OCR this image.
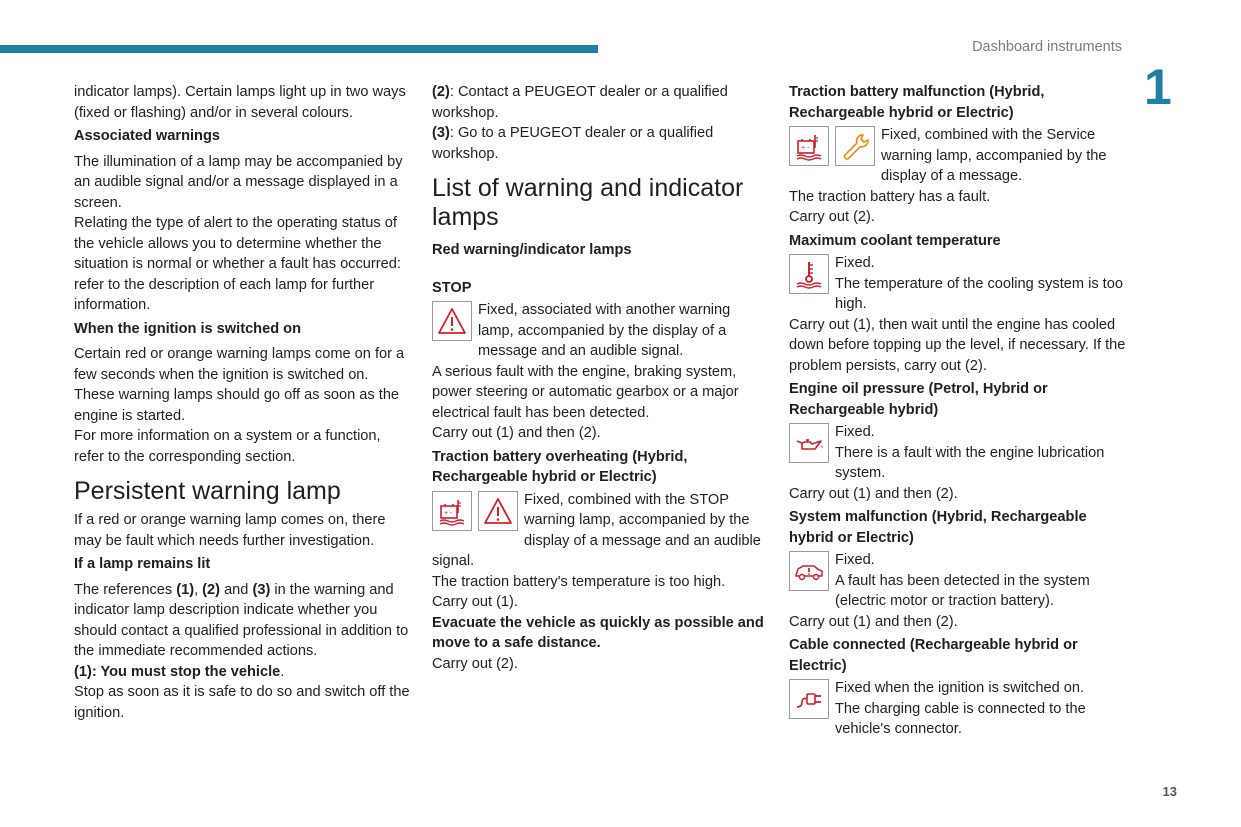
Dashboard instruments
1
13

indicator lamps). Certain lamps light up in two ways (fixed or flashing) and/or in several colours.

Associated warnings

The illumination of a lamp may be accompanied by an audible signal and/or a message displayed in a screen.

Relating the type of alert to the operating status of the vehicle allows you to determine whether the situation is normal or whether a fault has occurred: refer to the description of each lamp for further information.

When the ignition is switched on

Certain red or orange warning lamps come on for a few seconds when the ignition is switched on. These warning lamps should go off as soon as the engine is started.

For more information on a system or a function, refer to the corresponding section.

Persistent warning lamp

If a red or orange warning lamp comes on, there may be fault which needs further investigation.

If a lamp remains lit

The references (1), (2) and (3) in the warning and indicator lamp description indicate whether you should contact a qualified professional in addition to the immediate recommended actions.

(1): You must stop the vehicle.

Stop as soon as it is safe to do so and switch off the ignition.

(2): Contact a PEUGEOT dealer or a qualified workshop.

(3): Go to a PEUGEOT dealer or a qualified workshop.

List of warning and indicator lamps

Red warning/indicator lamps

STOP

Fixed, associated with another warning lamp, accompanied by the display of a message and an audible signal.

A serious fault with the engine, braking system, power steering or automatic gearbox or a major electrical fault has been detected.

Carry out (1) and then (2).

Traction battery overheating (Hybrid, Rechargeable hybrid or Electric)

+ -

Fixed, combined with the STOP warning lamp, accompanied by the display of a message and an audible signal.

The traction battery's temperature is too high.

Carry out (1).

Evacuate the vehicle as quickly as possible and move to a safe distance.

Carry out (2).

Traction battery malfunction (Hybrid, Rechargeable hybrid or Electric)

+ -

Fixed, combined with the Service warning lamp, accompanied by the display of a message.

The traction battery has a fault.

Carry out (2).

Maximum coolant temperature

Fixed.

The temperature of the cooling system is too high.

Carry out (1), then wait until the engine has cooled down before topping up the level, if necessary. If the problem persists, carry out (2).

Engine oil pressure (Petrol, Hybrid or Rechargeable hybrid)

Fixed.

There is a fault with the engine lubrication system.

Carry out (1) and then (2).

System malfunction (Hybrid, Rechargeable hybrid or Electric)

Fixed.

A fault has been detected in the system (electric motor or traction battery).

Carry out (1) and then (2).

Cable connected (Rechargeable hybrid or Electric)

Fixed when the ignition is switched on.

The charging cable is connected to the vehicle's connector.
